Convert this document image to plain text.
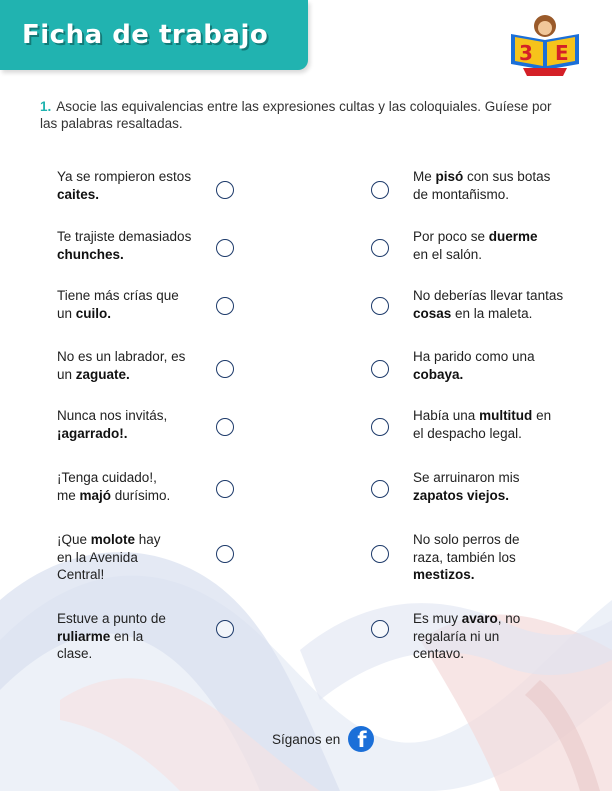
Ficha de trabajo
3 E
1. Asocie las equivalencias entre las expresiones cultas y las coloquiales. Guíese por las palabras resaltadas.
Ya se rompieron estos
caites.
Te trajiste demasiados
chunches.
Tiene más crías que
un cuilo.
No es un labrador, es
un zaguate.
Nunca nos invitás,
¡agarrado!.
¡Tenga cuidado!,
me majó durísimo.
¡Que molote hay
en la Avenida
Central!
Estuve a punto de
ruliarme en la
clase.
Me pisó con sus botas
de montañismo.
Por poco se duerme
en el salón.
No deberías llevar tantas
cosas en la maleta.
Ha parido como una
cobaya.
Había una multitud en
el despacho legal.
Se arruinaron mis
zapatos viejos.
No solo perros de
raza, también los
mestizos.
Es muy avaro, no
regalaría ni un
centavo.
Síganos en f
